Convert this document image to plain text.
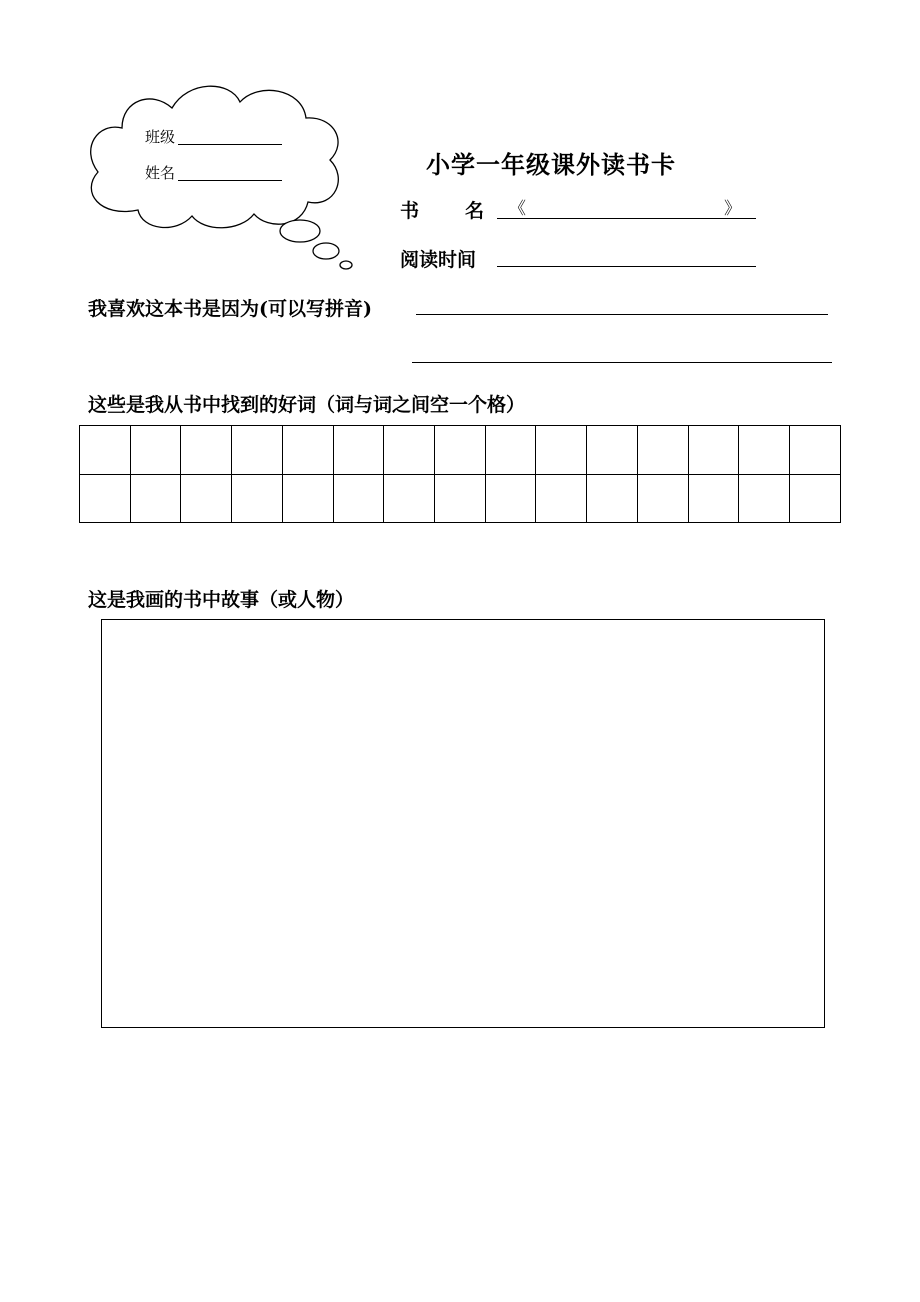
班级
姓名	小学一年级课外读书卡
书 名 《	》
阅读时间
我喜欢这本书是因为(可以写拼音)
这些是我从书中找到的好词（词与词之间空一个格）

这是我画的书中故事（或人物）
